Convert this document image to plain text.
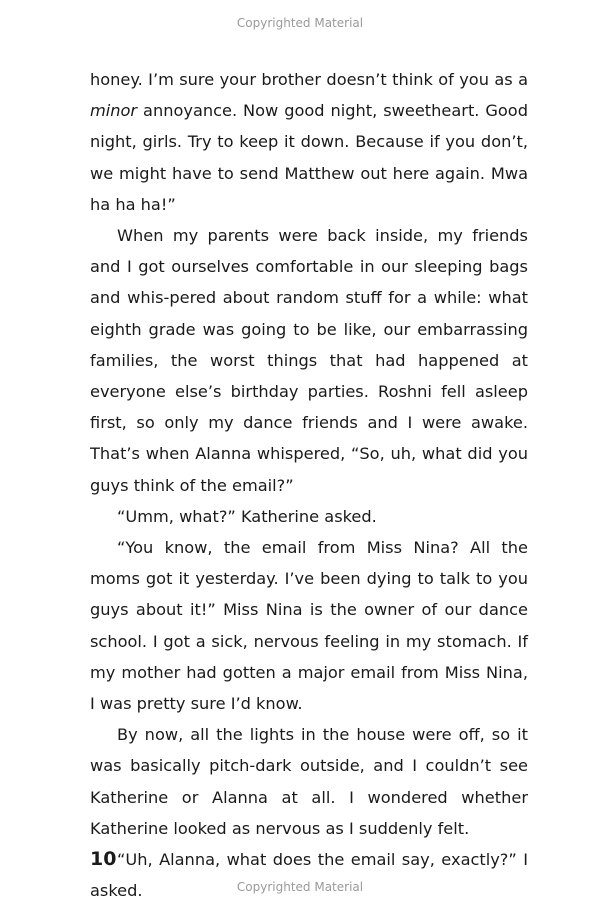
Copyrighted Material

honey. I’m sure your brother doesn’t think of you as a minor annoyance. Now good night, sweetheart. Good night, girls. Try to keep it down. Because if you don’t, we might have to send Matthew out here again. Mwa ha ha ha!”

When my parents were back inside, my friends and I got ourselves comfortable in our sleeping bags and whis-pered about random stuff for a while: what eighth grade was going to be like, our embarrassing families, the worst things that had happened at everyone else’s birthday parties. Roshni fell asleep first, so only my dance friends and I were awake. That’s when Alanna whispered, “So, uh, what did you guys think of the email?”

“Umm, what?” Katherine asked.

“You know, the email from Miss Nina? All the moms got it yesterday. I’ve been dying to talk to you guys about it!” Miss Nina is the owner of our dance school. I got a sick, nervous feeling in my stomach. If my mother had gotten a major email from Miss Nina, I was pretty sure I’d know.

By now, all the lights in the house were off, so it was basically pitch-dark outside, and I couldn’t see Katherine or Alanna at all. I wondered whether Katherine looked as nervous as I suddenly felt.

“Uh, Alanna, what does the email say, exactly?” I asked.

10
Copyrighted Material
